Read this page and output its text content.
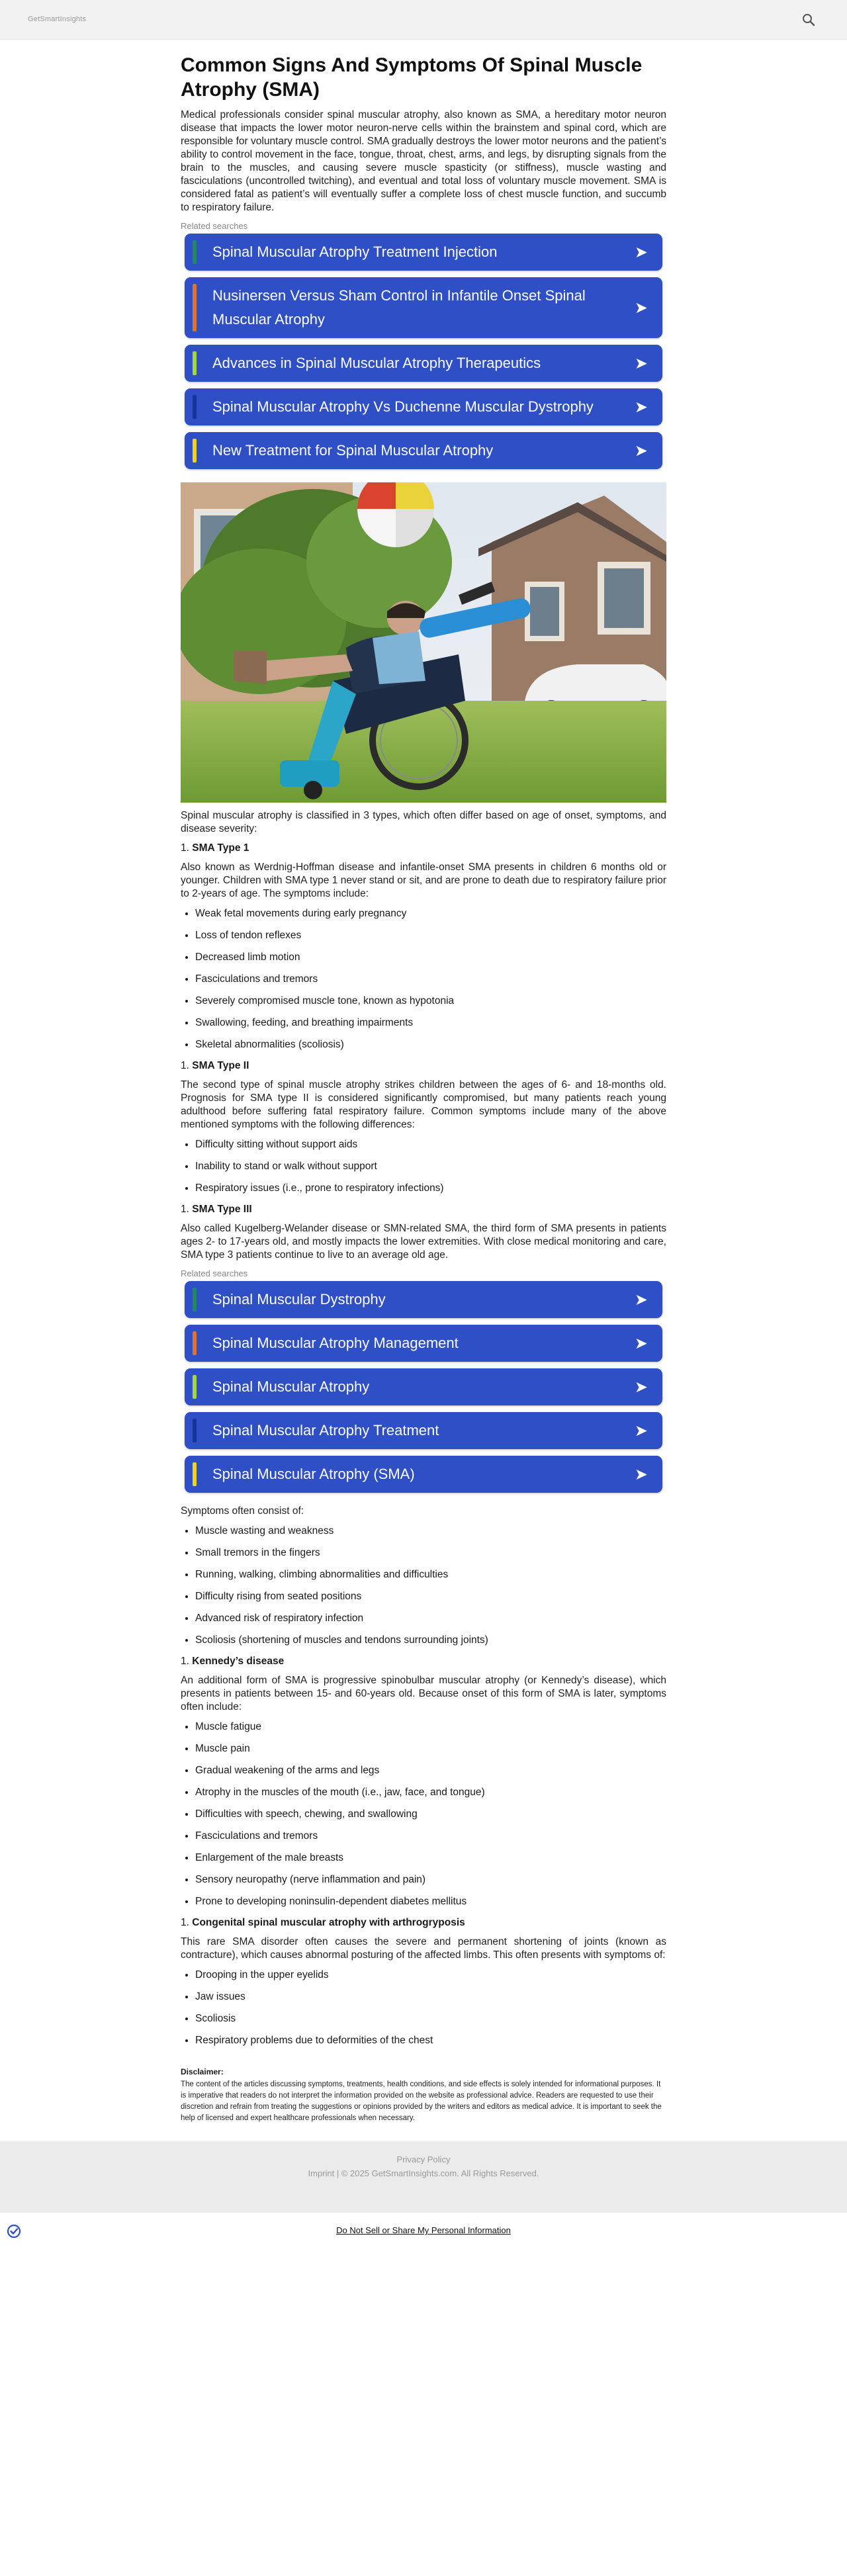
GetSmartInsights
Common Signs And Symptoms Of Spinal Muscle Atrophy (SMA)

Medical professionals consider spinal muscular atrophy, also known as SMA, a hereditary motor neuron disease that impacts the lower motor neuron-nerve cells within the brainstem and spinal cord, which are responsible for voluntary muscle control. SMA gradually destroys the lower motor neurons and the patient’s ability to control movement in the face, tongue, throat, chest, arms, and legs, by disrupting signals from the brain to the muscles, and causing severe muscle spasticity (or stiffness), muscle wasting and fasciculations (uncontrolled twitching), and eventual and total loss of voluntary muscle movement. SMA is considered fatal as patient’s will eventually suffer a complete loss of chest muscle function, and succumb to respiratory failure.

Related searches
Spinal Muscular Atrophy Treatment Injection	➤
Nusinersen Versus Sham Control in Infantile Onset Spinal Muscular Atrophy
➤
Advances in Spinal Muscular Atrophy Therapeutics	➤
Spinal Muscular Atrophy Vs Duchenne Muscular Dystrophy	➤
New Treatment for Spinal Muscular Atrophy	➤

Spinal muscular atrophy is classified in 3 types, which often differ based on age of onset, symptoms, and disease severity:

1. SMA Type 1

Also known as Werdnig-Hoffman disease and infantile-onset SMA presents in children 6 months old or younger. Children with SMA type 1 never stand or sit, and are prone to death due to respiratory failure prior to 2-years of age. The symptoms include:

• Weak fetal movements during early pregnancy
• Loss of tendon reflexes
• Decreased limb motion
• Fasciculations and tremors
• Severely compromised muscle tone, known as hypotonia
• Swallowing, feeding, and breathing impairments
• Skeletal abnormalities (scoliosis)
1. SMA Type II

The second type of spinal muscle atrophy strikes children between the ages of 6- and 18-months old. Prognosis for SMA type II is considered significantly compromised, but many patients reach young adulthood before suffering fatal respiratory failure. Common symptoms include many of the above mentioned symptoms with the following differences:

• Difficulty sitting without support aids
• Inability to stand or walk without support
• Respiratory issues (i.e., prone to respiratory infections)
1. SMA Type III

Also called Kugelberg-Welander disease or SMN-related SMA, the third form of SMA presents in patients ages 2- to 17-years old, and mostly impacts the lower extremities. With close medical monitoring and care, SMA type 3 patients continue to live to an average old age.

Related searches
Spinal Muscular Dystrophy	➤
Spinal Muscular Atrophy Management	➤
Spinal Muscular Atrophy	➤
Spinal Muscular Atrophy Treatment	➤
Spinal Muscular Atrophy (SMA)	➤

Symptoms often consist of:

• Muscle wasting and weakness
• Small tremors in the fingers
• Running, walking, climbing abnormalities and difficulties
• Difficulty rising from seated positions
• Advanced risk of respiratory infection
• Scoliosis (shortening of muscles and tendons surrounding joints)
1. Kennedy’s disease

An additional form of SMA is progressive spinobulbar muscular atrophy (or Kennedy’s disease), which presents in patients between 15- and 60-years old. Because onset of this form of SMA is later, symptoms often include:

• Muscle fatigue
• Muscle pain
• Gradual weakening of the arms and legs
• Atrophy in the muscles of the mouth (i.e., jaw, face, and tongue)
• Difficulties with speech, chewing, and swallowing
• Fasciculations and tremors
• Enlargement of the male breasts
• Sensory neuropathy (nerve inflammation and pain)
• Prone to developing noninsulin-dependent diabetes mellitus
1. Congenital spinal muscular atrophy with arthrogryposis

This rare SMA disorder often causes the severe and permanent shortening of joints (known as contracture), which causes abnormal posturing of the affected limbs. This often presents with symptoms of:

• Drooping in the upper eyelids
• Jaw issues
• Scoliosis
• Respiratory problems due to deformities of the chest
Disclaimer:

The content of the articles discussing symptoms, treatments, health conditions, and side effects is solely intended for informational purposes. It is imperative that readers do not interpret the information provided on the website as professional advice. Readers are requested to use their discretion and refrain from treating the suggestions or opinions provided by the writers and editors as medical advice. It is important to seek the help of licensed and expert healthcare professionals when necessary.

Privacy Policy
Imprint | © 2025 GetSmartInsights.com. All Rights Reserved.
Do Not Sell or Share My Personal Information
